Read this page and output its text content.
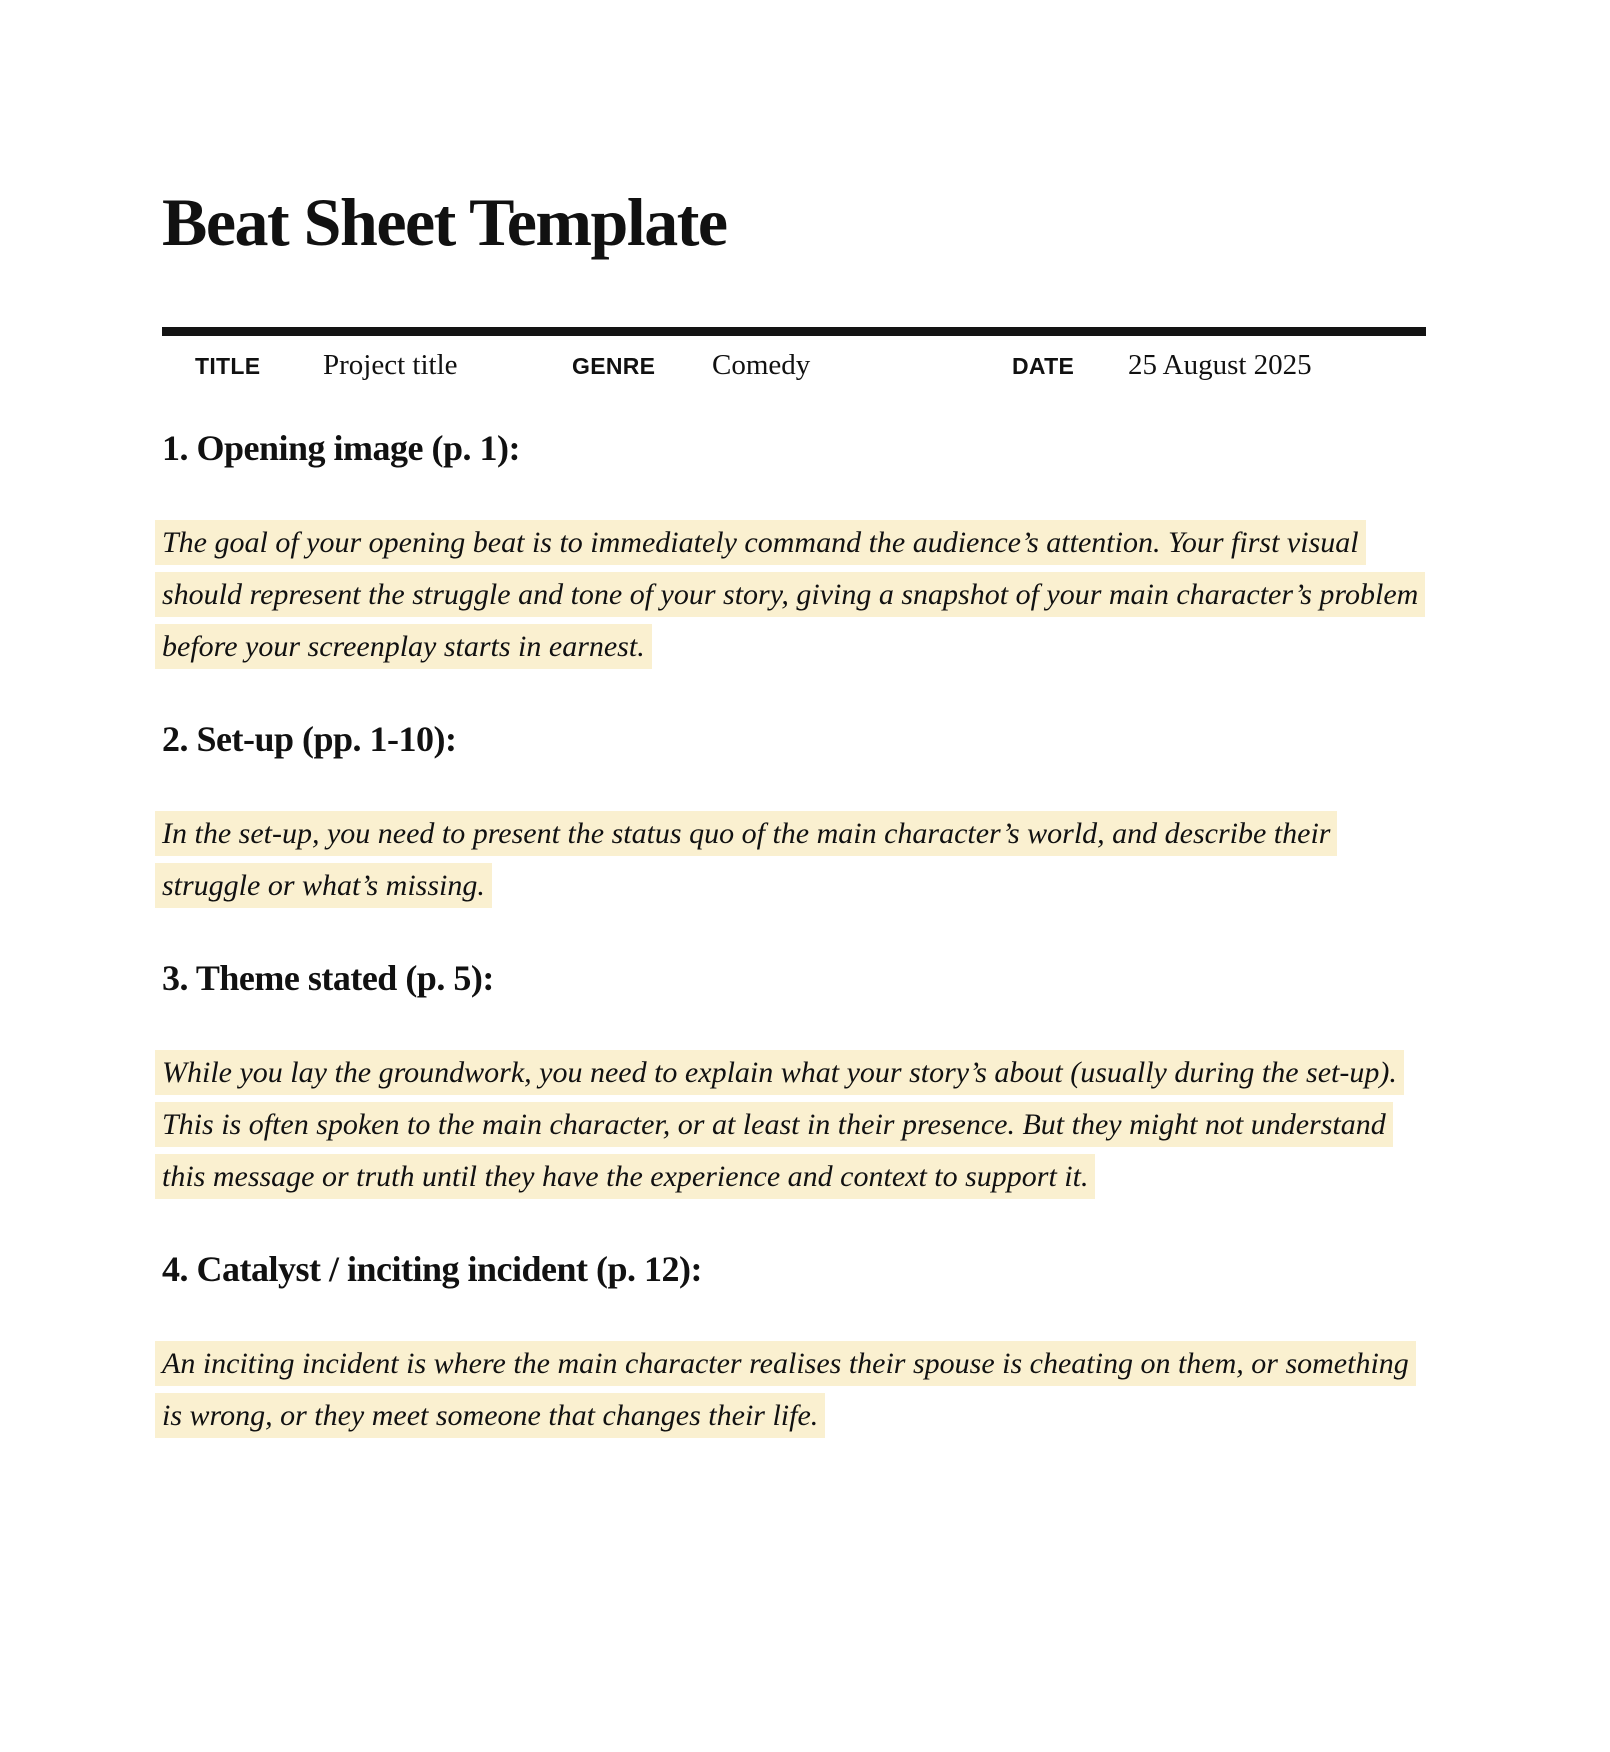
Beat Sheet Template
TITLE	Project title	GENRE	Comedy	DATE	25 August 2025
1. Opening image (p. 1):

The goal of your opening beat is to immediately command the audience’s attention. Your first visual should represent the struggle and tone of your story, giving a snapshot of your main character’s problem before your screenplay starts in earnest.

2. Set-up (pp. 1-10):

In the set-up, you need to present the status quo of the main character’s world, and describe their struggle or what’s missing.

3. Theme stated (p. 5):

While you lay the groundwork, you need to explain what your story’s about (usually during the set-up). This is often spoken to the main character, or at least in their presence. But they might not understand this message or truth until they have the experience and context to support it.

4. Catalyst / inciting incident (p. 12):

An inciting incident is where the main character realises their spouse is cheating on them, or something is wrong, or they meet someone that changes their life.
